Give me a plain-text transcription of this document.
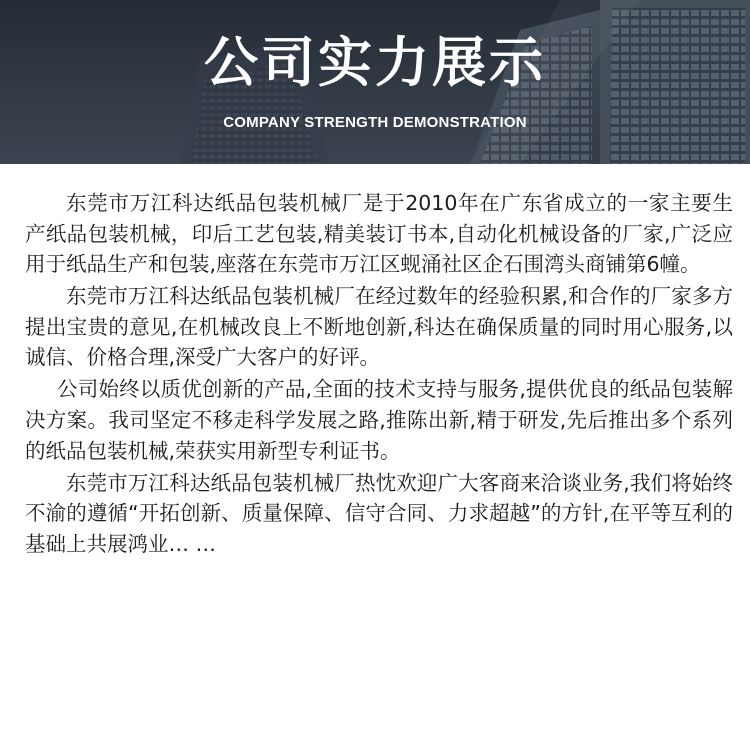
公司实力展示
COMPANY STRENGTH DEMONSTRATION

东莞市万江科达纸品包装机械厂是于2010年在广东省成立的一家主要生产纸品包装机械，印后工艺包装,精美装订书本,自动化机械设备的厂家,广泛应用于纸品生产和包装,座落在东莞市万江区蚬涌社区企石围湾头商铺第6幢。

东莞市万江科达纸品包装机械厂在经过数年的经验积累,和合作的厂家多方提出宝贵的意见,在机械改良上不断地创新,科达在确保质量的同时用心服务,以诚信、价格合理,深受广大客户的好评。

公司始终以质优创新的产品,全面的技术支持与服务,提供优良的纸品包装解决方案。我司坚定不移走科学发展之路,推陈出新,精于研发,先后推出多个系列的纸品包装机械,荣获实用新型专利证书。

东莞市万江科达纸品包装机械厂热忱欢迎广大客商来洽谈业务,我们将始终不渝的遵循“开拓创新、质量保障、信守合同、力求超越”的方针,在平等互利的基础上共展鸿业… …
